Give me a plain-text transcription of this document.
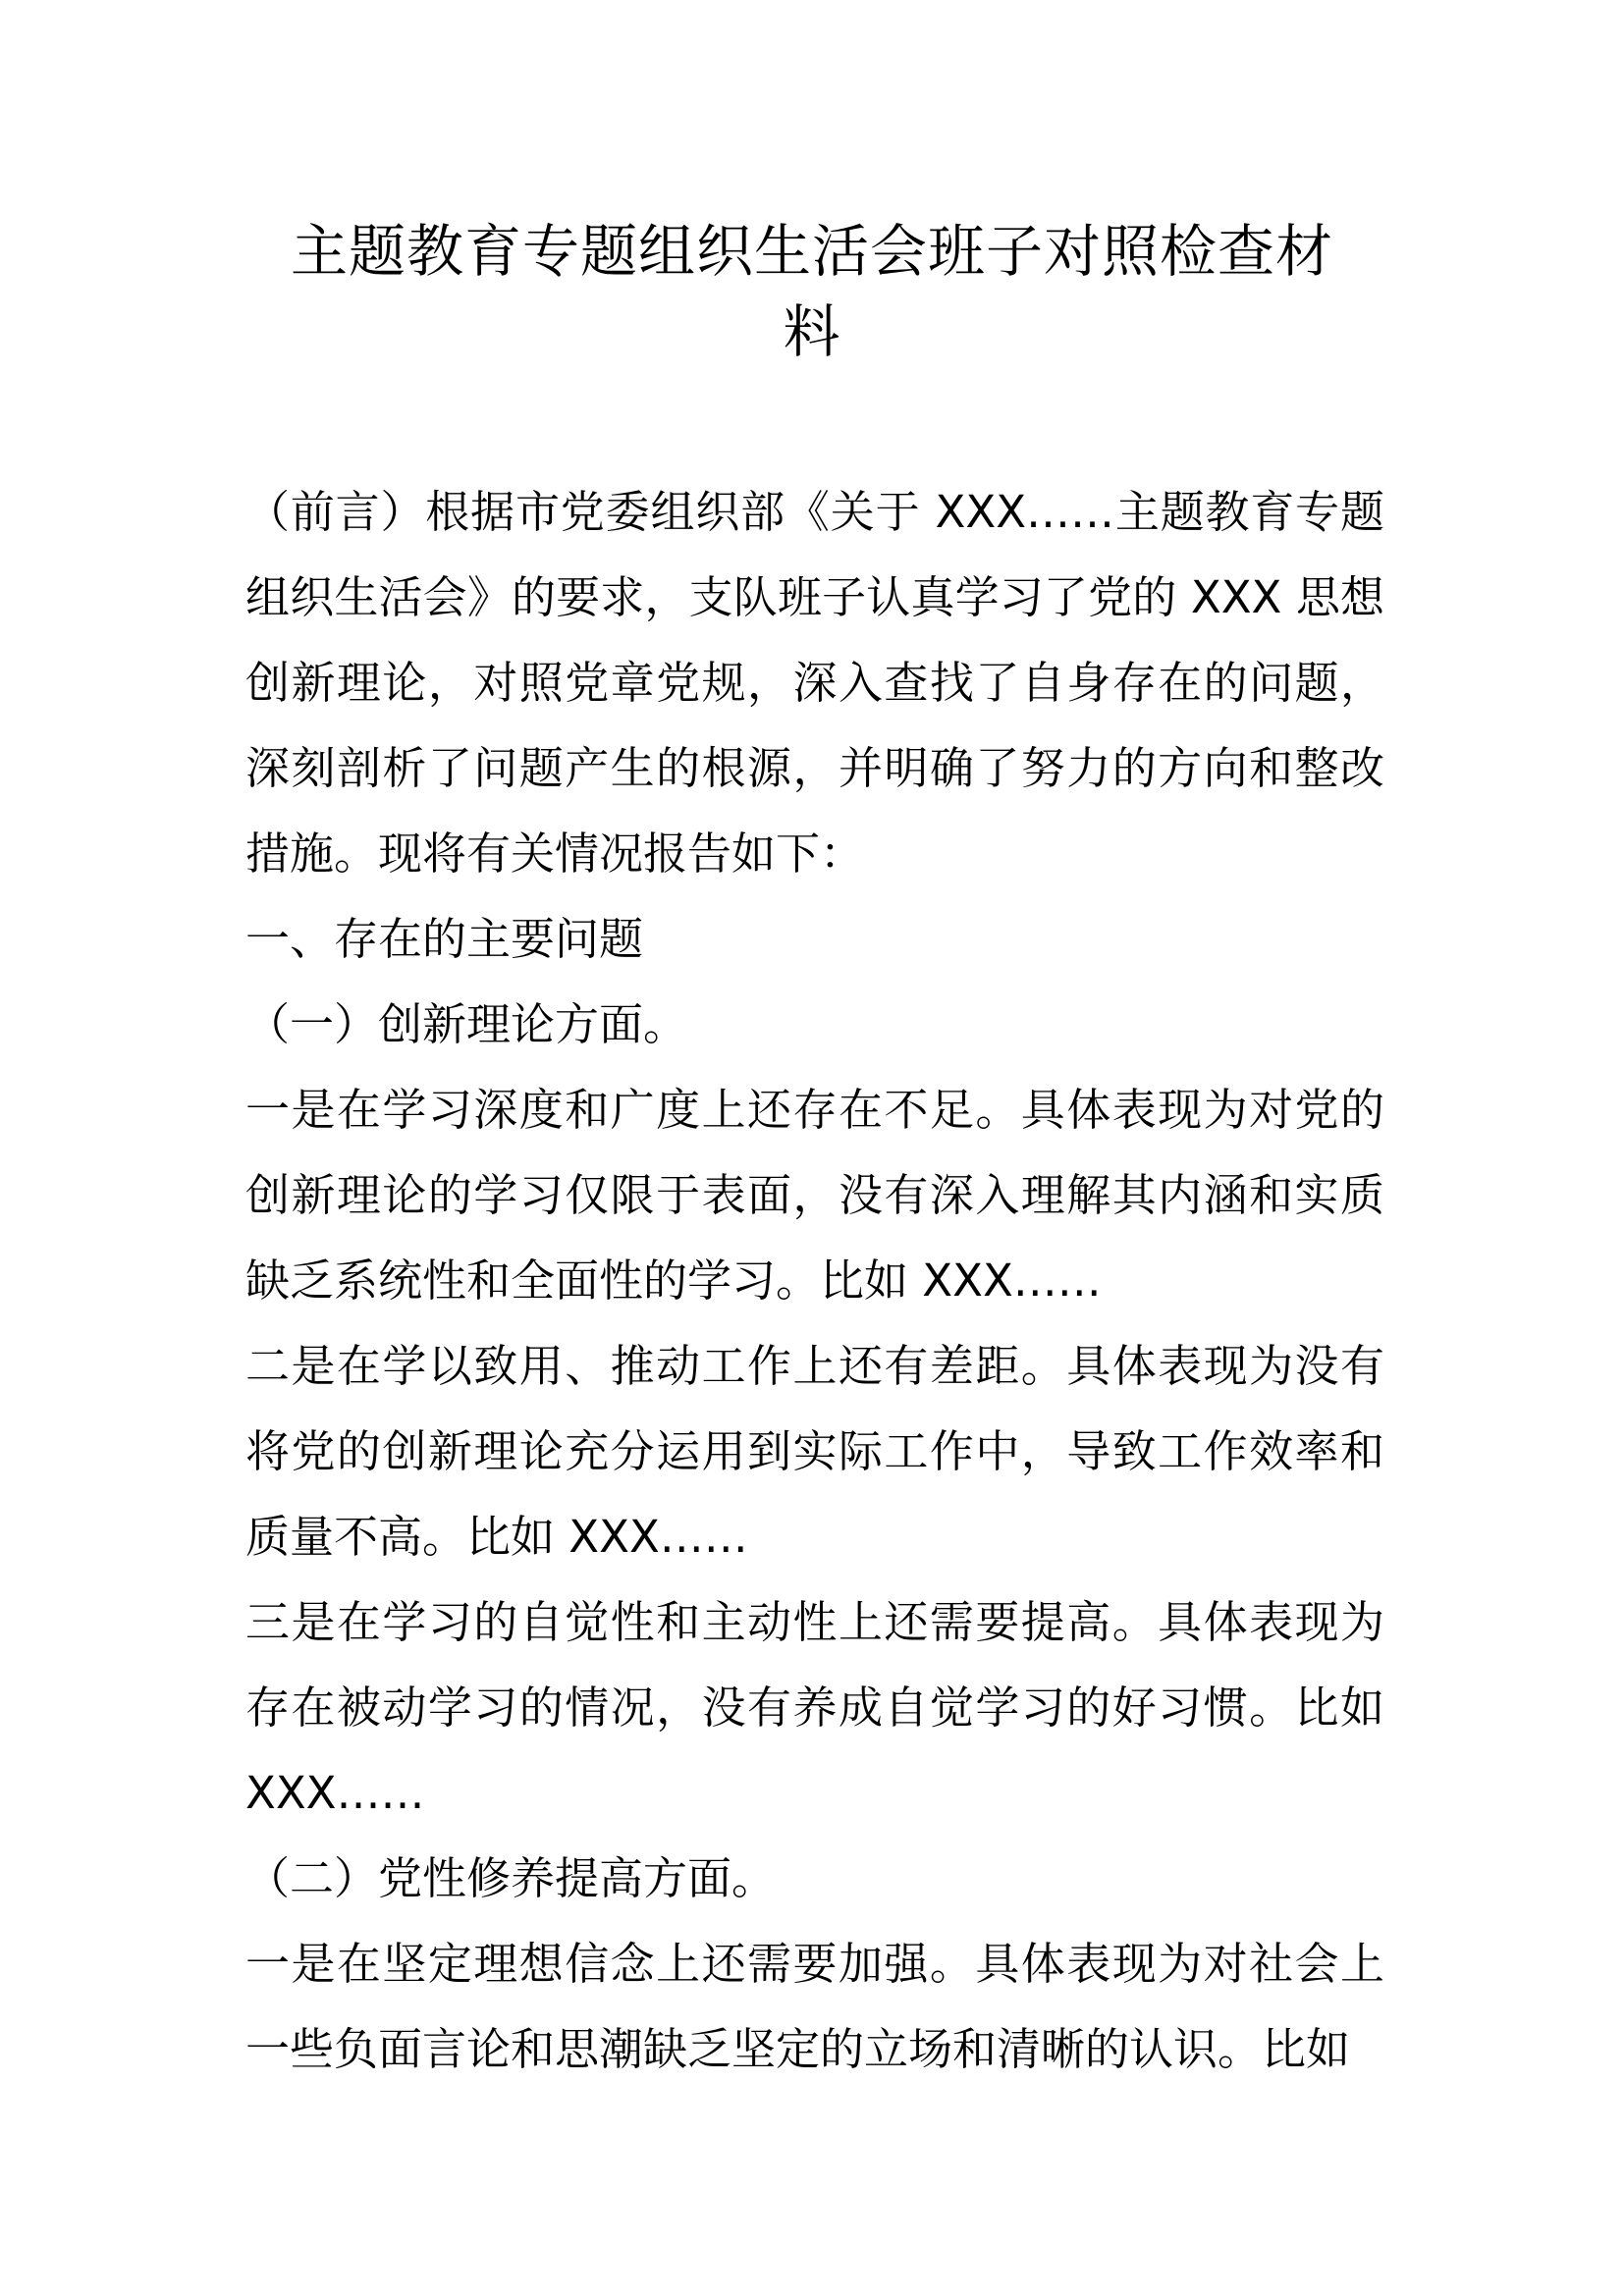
主题教育专题组织生活会班子对照检查材
料

（前言）根据市党委组织部《关于 XXX……主题教育专题组织生活会》的要求，支队班子认真学习了党的 XXX 思想创新理论，对照党章党规，深入查找了自身存在的问题，深刻剖析了问题产生的根源，并明确了努力的方向和整改措施。现将有关情况报告如下：

一、存在的主要问题

（一）创新理论方面。

一是在学习深度和广度上还存在不足。具体表现为对党的创新理论的学习仅限于表面，没有深入理解其内涵和实质缺乏系统性和全面性的学习。比如 XXX……

二是在学以致用、推动工作上还有差距。具体表现为没有将党的创新理论充分运用到实际工作中，导致工作效率和质量不高。比如 XXX……

三是在学习的自觉性和主动性上还需要提高。具体表现为存在被动学习的情况，没有养成自觉学习的好习惯。比如 XXX……

（二）党性修养提高方面。

一是在坚定理想信念上还需要加强。具体表现为对社会上一些负面言论和思潮缺乏坚定的立场和清晰的认识。比如
